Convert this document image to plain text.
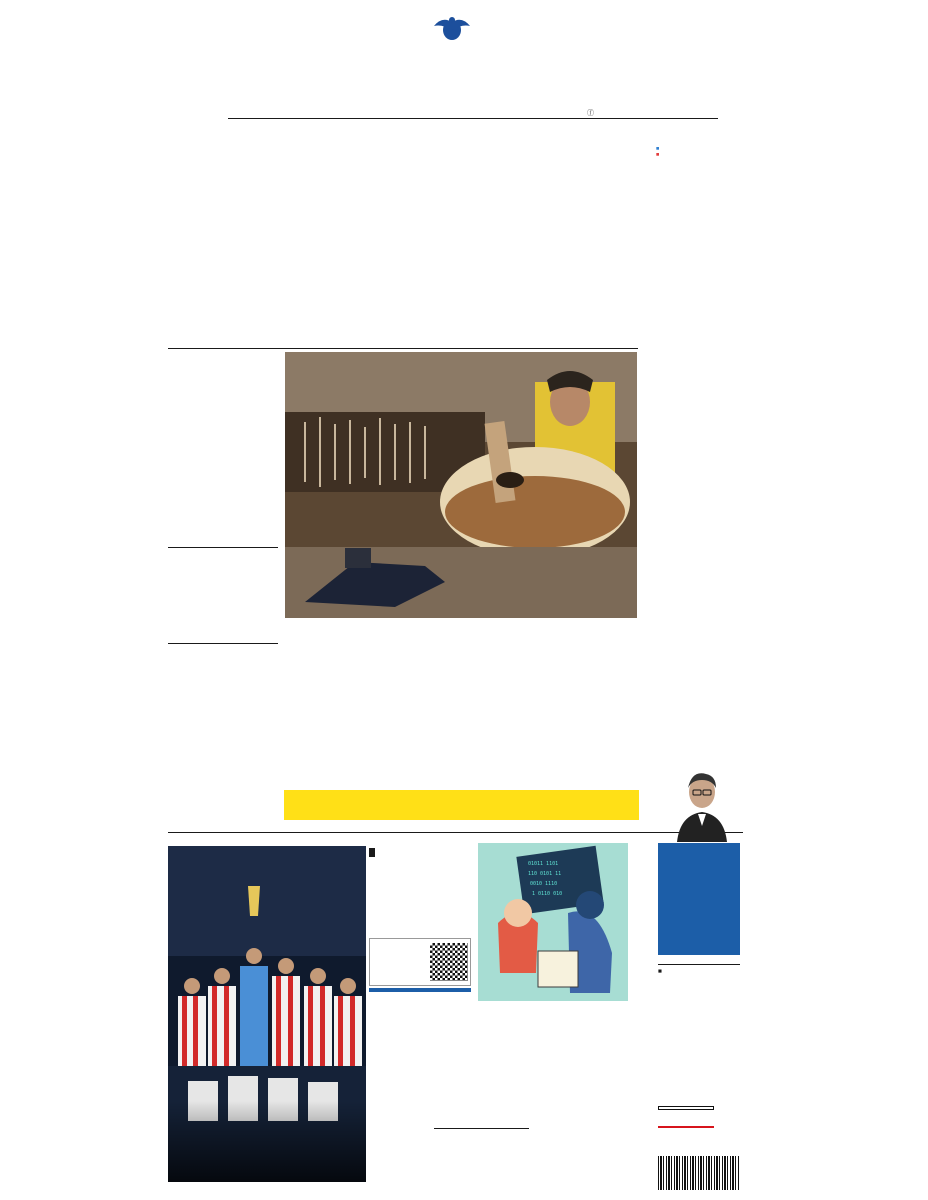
ⓕ

■
■

■
01011 1101
110 0101 11
0010 1110
1 0110 010
